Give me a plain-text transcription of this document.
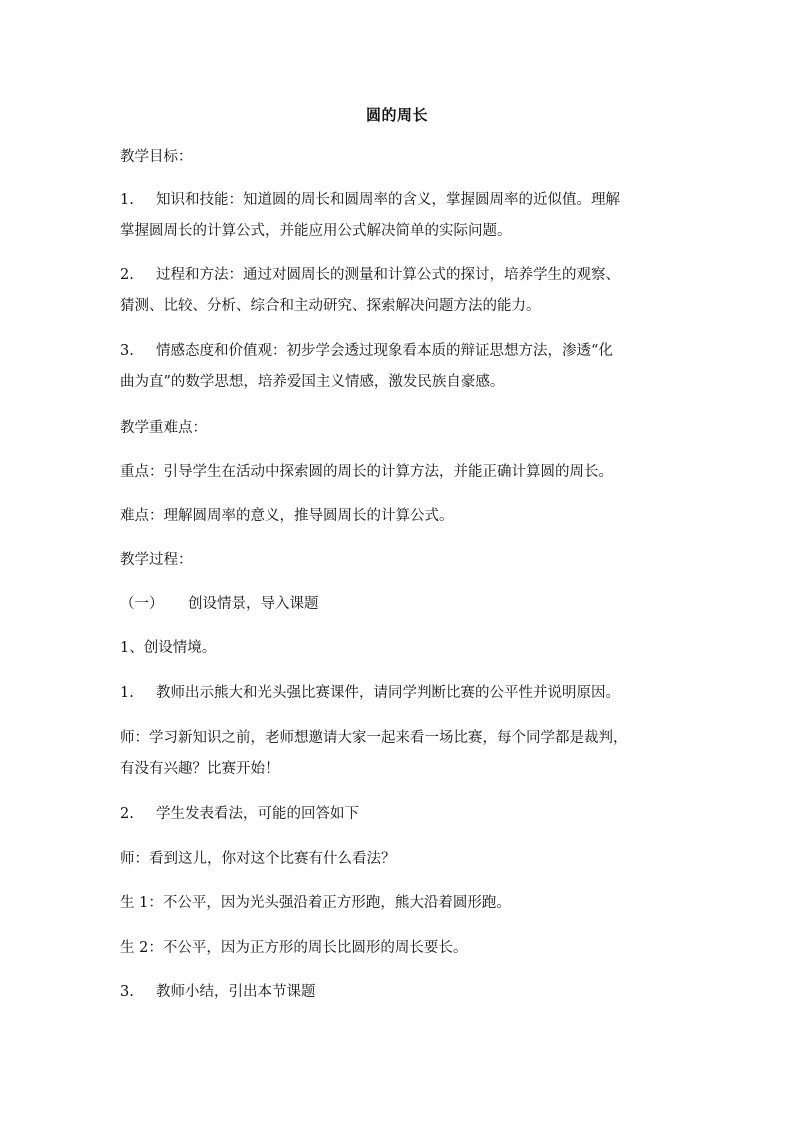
圆的周长
教学目标：
1. 知识和技能：知道圆的周长和圆周率的含义，掌握圆周率的近似值。理解
掌握圆周长的计算公式，并能应用公式解决简单的实际问题。
2. 过程和方法：通过对圆周长的测量和计算公式的探讨，培养学生的观察、
猜测、比较、分析、综合和主动研究、探索解决问题方法的能力。
3. 情感态度和价值观：初步学会透过现象看本质的辩证思想方法，渗透“化
曲为直”的数学思想，培养爱国主义情感，激发民族自豪感。
教学重难点：
重点：引导学生在活动中探索圆的周长的计算方法，并能正确计算圆的周长。
难点：理解圆周率的意义，推导圆周长的计算公式。
教学过程：
（一） 创设情景，导入课题
1、创设情境。
1. 教师出示熊大和光头强比赛课件，请同学判断比赛的公平性并说明原因。
师：学习新知识之前，老师想邀请大家一起来看一场比赛，每个同学都是裁判，
有没有兴趣？比赛开始！
2. 学生发表看法，可能的回答如下
师：看到这儿，你对这个比赛有什么看法？
生 1：不公平，因为光头强沿着正方形跑，熊大沿着圆形跑。
生 2：不公平，因为正方形的周长比圆形的周长要长。
3. 教师小结，引出本节课题
